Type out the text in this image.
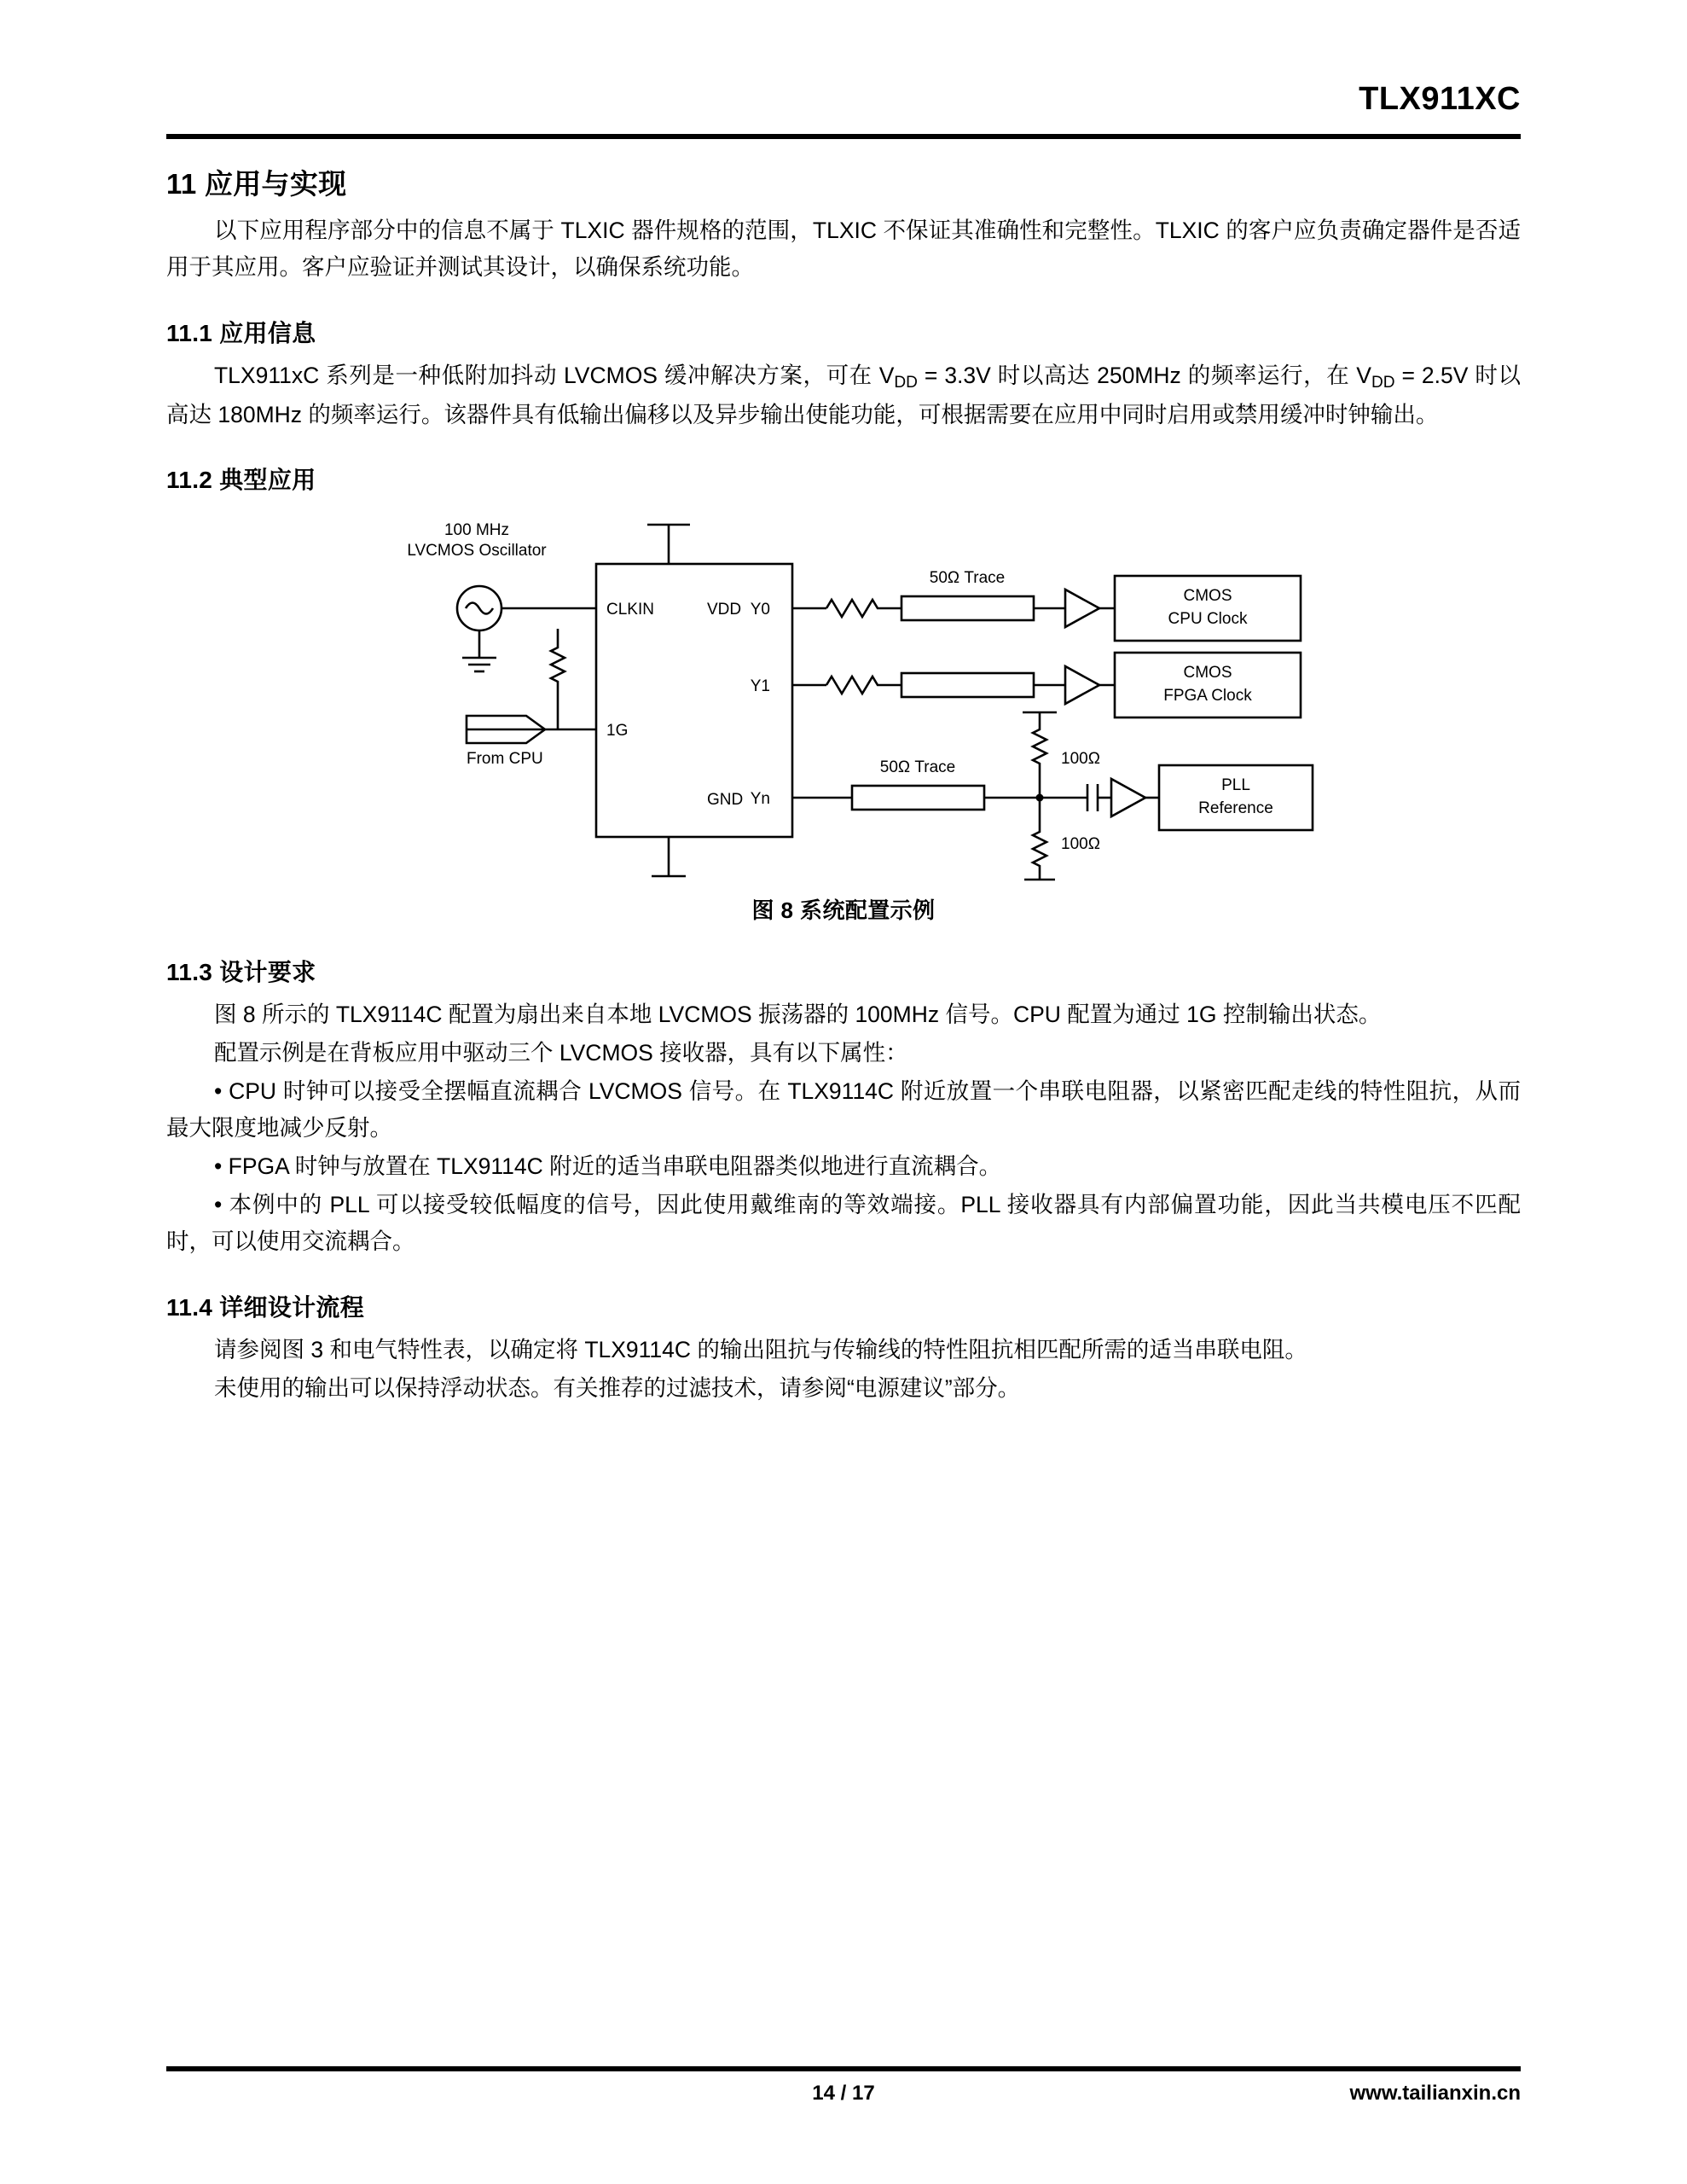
TLX911XC
11 应用与实现

以下应用程序部分中的信息不属于 TLXIC 器件规格的范围，TLXIC 不保证其准确性和完整性。TLXIC 的客户应负责确定器件是否适用于其应用。客户应验证并测试其设计，以确保系统功能。

11.1 应用信息

TLX911xC 系列是一种低附加抖动 LVCMOS 缓冲解决方案，可在 $V_{DD} = 3.3V$ 时以高达 250MHz 的频率运行，在 $V_{DD} = 2.5V$ 时以高达 180MHz 的频率运行。该器件具有低输出偏移以及异步输出使能功能，可根据需要在应用中同时启用或禁用缓冲时钟输出。

11.2 典型应用
100 MHz
LVCMOS Oscillator
CLKIN	VDD
GND
Y0
Y1
Yn
1G
From CPU
50Ω Trace
50Ω Trace	100Ω
100Ω
CMOS
CPU Clock
CMOS
FPGA Clock
PLL
Reference
图 8 系统配置示例
11.3 设计要求

图 8 所示的 TLX9114C 配置为扇出来自本地 LVCMOS 振荡器的 100MHz 信号。CPU 配置为通过 1G 控制输出状态。

配置示例是在背板应用中驱动三个 LVCMOS 接收器，具有以下属性：

• CPU 时钟可以接受全摆幅直流耦合 LVCMOS 信号。在 TLX9114C 附近放置一个串联电阻器，以紧密匹配走线的特性阻抗，从而最大限度地减少反射。

• FPGA 时钟与放置在 TLX9114C 附近的适当串联电阻器类似地进行直流耦合。

• 本例中的 PLL 可以接受较低幅度的信号，因此使用戴维南的等效端接。PLL 接收器具有内部偏置功能，因此当共模电压不匹配时，可以使用交流耦合。

11.4 详细设计流程

请参阅图 3 和电气特性表，以确定将 TLX9114C 的输出阻抗与传输线的特性阻抗相匹配所需的适当串联电阻。

未使用的输出可以保持浮动状态。有关推荐的过滤技术，请参阅“电源建议”部分。

14 / 17	www.tailianxin.cn
